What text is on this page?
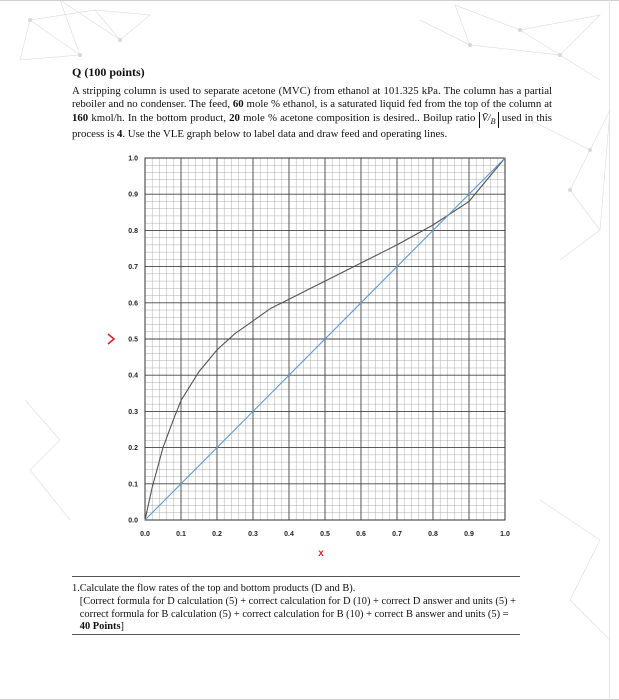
Q (100 points)
A stripping column is used to separate acetone (MVC) from ethanol at 101.325 kPa. The column has a partial reboiler and no condenser. The feed, 60 mole % ethanol, is a saturated liquid fed from the top of the column at 160 kmol/h. In the bottom product, 20 mole % acetone composition is desired.. Boilup ratio $V̄/_B$ used in this process is 4. Use the VLE graph below to label data and draw feed and operating lines.
0.0	0.1	0.2	0.3	0.4	0.5	0.6	0.7	0.8	0.9	1.0
0.0
0.1
0.2
0.3
0.4
0.5
0.6
0.7
0.8
0.9
1.0
x
1. Calculate the flow rates of the top and bottom products (D and B).
[Correct formula for D calculation (5) + correct calculation for D (10) + correct D answer and units (5) + correct formula for B calculation (5) + correct calculation for B (10) + correct B answer and units (5) = 40 Points]
